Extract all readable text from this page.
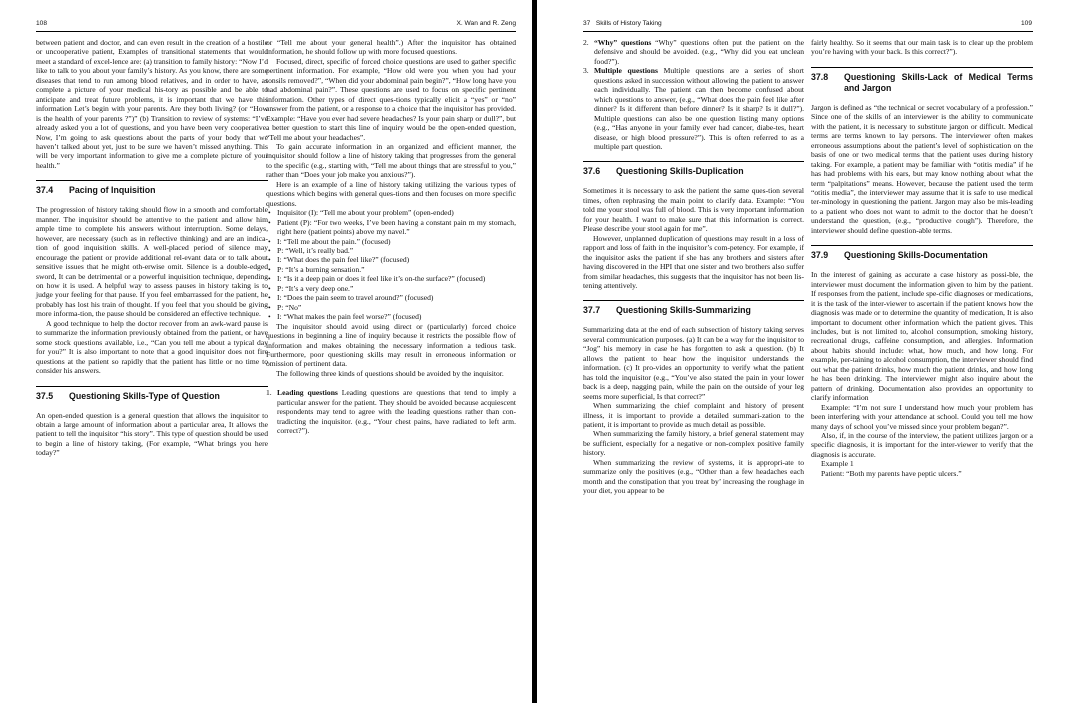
108	X. Wan and R. Zeng

between patient and doctor, and can even result in the creation of a hostile or uncooperative patient, Examples of transitional statements that would meet a standard of excel-lence are: (a) transition to family history: “Now I’d like to talk to you about your family’s history. As you know, there are some diseases that tend to run among blood relatives, and in order to have, as complete a picture of your medical his-tory as possible and be able to anticipate and treat future problems, it is important that we have this information Let’s begin with your parents. Are they both living? (or “How is the health of your parents ?”)” (b) Transition to review of systems: “I’ve already asked you a lot of questions, and you have been very cooperative. Now, I’m going to ask questions about the parts of your body that we haven’t talked about yet, just to be sure we haven’t missed anything. This will be very important information to give me a complete picture of your health.”

37.4	Pacing of Inquisition

The progression of history taking should flow in a smooth and comfortable manner. The inquisitor should be attentive to the patient and allow him ample time to complete his answers without interruption. Some delays, however, are necessary (such as in reflective thinking) and are an indica-tion of good inquisition skills. A well-placed period of silence may encourage the patient or provide additional rel-evant data or to talk about sensitive issues that he might oth-erwise omit. Silence is a double-edged sword, It can be detrimental or a powerful inquisition technique, depending on how it is used. A helpful way to assess pauses in history taking is to judge your feeling for that pause. If you feel embarrassed for the patient, he probably has lost his train of thought. If you feel that you should be giving more informa-tion, the pause should be considered an effective technique.

A good technique to help the doctor recover from an awk-ward pause is to summarize the information previously obtained from the patient, or have some stock questions available, i.e., “Can you tell me about a typical day for you?” It is also important to note that a good inquisitor does not fire questions at the patient so rapidly that the patient has little or no time to consider his answers.

37.5	Questioning Skills-Type of Question

An open-ended question is a general question that allows the inquisitor to obtain a large amount of information about a particular area, It allows the patient to tell the inquisitor “his story”. This type of question should be used to begin a line of history taking, (For example, “What brings you here today?”

or “Tell me about your general health”.) After the inquisitor has obtained information, he should follow up with more focused questions.

Focused, direct, specific of forced choice questions are used to gather specific pertinent information. For example, “How old were you when you had your tonsils removed?”, “When did your abdominal pain begin?”, “How long have you had abdominal pain?”. These questions are used to focus on specific pertinent information. Other types of direct ques-tions typically elicit a “yes” or “no” answer from the patient, or a response to a choice that the inquisitor has provided. Example: “Have you ever had severe headaches? Is your pain sharp or dull?”, but a better question to start this line of inquiry would be the open-ended question, “Tell me about your headaches”.

To gain accurate information in an organized and efficient manner, the inquisitor should follow a line of history taking that progresses from the general to the specific (e.g., starting with, “Tell me about things that are stressful to you,” rather than “Does your job make you anxious?”).

Here is an example of a line of history taking utilizing the various types of questions which begins with general ques-tions and then focuses on more specific questions.

• Inquisitor (I): “Tell me about your problem” (open-ended)
• Patient (P): “For two weeks, I’ve been having a constant pain m my stomach, right here (patient points) above my navel.”
• I: “Tell me about the pain.” (focused)
• P: “Well, it’s really bad.”
• I: “What does the pain feel like?” (focused)
• P: “It’s a burning sensation.”
• I: “Is it a deep pain or does it feel like it’s on-the surface?” (focused)
• P: “It’s a very deep one.”
• I: “Does the pain seem to travel around?” (focused)
• P: “No”
• I: “What makes the pain feel worse?” (focused)

The inquisitor should avoid using direct or (particularly) forced choice questions in beginning a line of inquiry because it restricts the possible flow of information and makes obtaining the necessary information a tedious task. Furthermore, poor questioning skills may result in erroneous information or omission of pertinent data.

The following three kinds of questions should be avoided by the inquisitor.

1. Leading questions Leading questions are questions that tend to imply a particular answer for the patient. They should be avoided because acquiescent respondents may tend to agree with the leading questions rather than con-tradicting the inquisitor. (e.g., “Your chest pains, have radiated to left arm. correct?”).
37 Skills of History Taking	109
2. “Why” questions “Why” questions often put the patient on the defensive and should be avoided. (e.g., “Why did you eat unclean food?”).
3. Multiple questions Multiple questions are a series of short questions asked in succession without allowing the patient to answer each individually. The patient can then become confused about which questions to answer, (e.g., “What does the pain feel like after dinner? Is it different than before dinner? Is it sharp? Is it dull?”). Multiple questions can also be one question listing many options (e.g., “Has anyone in your family ever had cancer, diabe-tes, heart disease, or high blood pressure?”). This is often referred to as a multiple part question.
37.6	Questioning Skills-Duplication

Sometimes it is necessary to ask the patient the same ques-tion several times, often rephrasing the main point to clarify data. Example: “You told me your stool was full of blood. This is very important information for your health. I want to make sure that this information is correct. Please describe your stool again for me”.

However, unplanned duplication of questions may result in a loss of rapport and loss of faith in the inquisitor’s com-petency. For example, if the inquisitor asks the patient if she has any brothers and sisters after having discovered in the HPI that one sister and two brothers also suffer from similar headaches, this suggests that the inquisitor has not been lis-tening attentively.

37.7	Questioning Skills-Summarizing

Summarizing data at the end of each subsection of history taking serves several communication purposes. (a) It can be a way for the inquisitor to “Jog” his memory in case he has forgotten to ask a question. (b) It allows the patient to hear how the inquisitor understands the information. (c) It pro-vides an opportunity to verify what the patient has told the inquisitor (e.g., “You’ve also stated the pain in your lower back is a deep, nagging pain, while the pain on the outside of your leg seems more superficial, Is that correct?”

When summarizing the chief complaint and history of present illness, it is important to provide a detailed summari-zation to the patient, it is important to provide as much detail as possible.

When summarizing the family history, a brief general statement may be sufficient, especially for a negative or non-complex positive family history.

When summarizing the review of systems, it is appropri-ate to summarize only the positives (e.g., “Other than a few headaches each month and the constipation that you treat by’ increasing the roughage in your diet, you appear to be

fairly healthy. So it seems that our main task is to clear up the problem you’re having with your back. Is this correct?”).

37.8	Questioning Skills-Lack of Medical Terms and Jargon

Jargon is defined as “the technical or secret vocabulary of a profession.” Since one of the skills of an interviewer is the ability to communicate with the patient, it is necessary to substitute jargon or difficult. Medical terms are terms known to lay persons. The interviewer often makes erroneous assumptions about the patient’s level of sophistication on the basis of one or two medical terms that the patient uses during history taking. For example, a patient may be familiar with “otitis media” if he has had problems with his ears, but may know nothing about what the term “palpitations” means. However, because the patient used the term “otitis media”, the interviewer may assume that it is safe to use medical ter-minology in questioning the patient. Jargon may also be mis-leading to a patient who does not want to admit to the doctor that he doesn’t understand the question, (e.g., “productive cough”). Therefore, the interviewer should define question-able terms.

37.9	Questioning Skills-Documentation

In the interest of gaining as accurate a case history as possi-ble, the interviewer must document the information given to him by the patient. If responses from the patient, include spe-cific diagnoses or medications, it is the task of the inter-viewer to ascertain if the patient knows how the diagnosis was made or to determine the quantity of medication, It is also important to document other information which the patient gives. This includes, but is not limited to, alcohol consumption, smoking history, recreational drugs, caffeine consumption, and allergies. Information about habits should include: what, how much, and how long. For example, per-taining to alcohol consumption, the interviewer should find out what the patient drinks, how much the patient drinks, and how long he has been drinking. The interviewer might also inquire about the pattern of drinking. Documentation also provides an opportunity to clarify information

Example: “I’m not sure I understand how much your problem has been interfering with your attendance at school. Could you tell me how many days of school you’ve missed since your problem began?”.

Also, if, in the course of the interview, the patient utilizes jargon or a specific diagnosis, it is important for the inter-viewer to verify that the diagnosis is accurate.

Example 1

Patient: “Both my parents have peptic ulcers.”
